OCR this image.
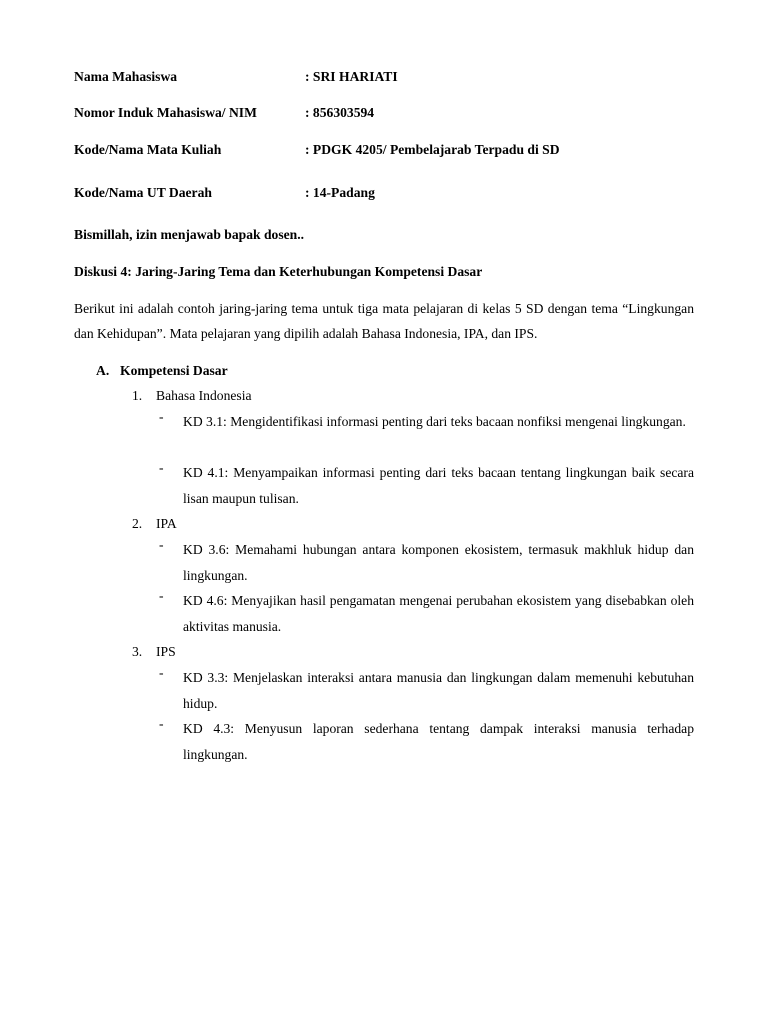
Nama Mahasiswa	: SRI HARIATI
Nomor Induk Mahasiswa/ NIM	: 856303594
Kode/Nama Mata Kuliah	: PDGK 4205/ Pembelajarab Terpadu di SD
Kode/Nama UT Daerah	: 14-Padang
Bismillah, izin menjawab bapak dosen..
Diskusi 4: Jaring-Jaring Tema dan Keterhubungan Kompetensi Dasar
Berikut ini adalah contoh jaring-jaring tema untuk tiga mata pelajaran di kelas 5 SD dengan tema “Lingkungan dan Kehidupan”. Mata pelajaran yang dipilih adalah Bahasa Indonesia, IPA, dan IPS.
A. Kompetensi Dasar
1. Bahasa Indonesia
-	KD 3.1: Mengidentifikasi informasi penting dari teks bacaan nonfiksi mengenai lingkungan.
-	KD 4.1: Menyampaikan informasi penting dari teks bacaan tentang lingkungan baik secara lisan maupun tulisan.
2. IPA
-	KD 3.6: Memahami hubungan antara komponen ekosistem, termasuk makhluk hidup dan lingkungan.
-	KD 4.6: Menyajikan hasil pengamatan mengenai perubahan ekosistem yang disebabkan oleh aktivitas manusia.
3. IPS
-	KD 3.3: Menjelaskan interaksi antara manusia dan lingkungan dalam memenuhi kebutuhan hidup.
-	KD 4.3: Menyusun laporan sederhana tentang dampak interaksi manusia terhadap lingkungan.
